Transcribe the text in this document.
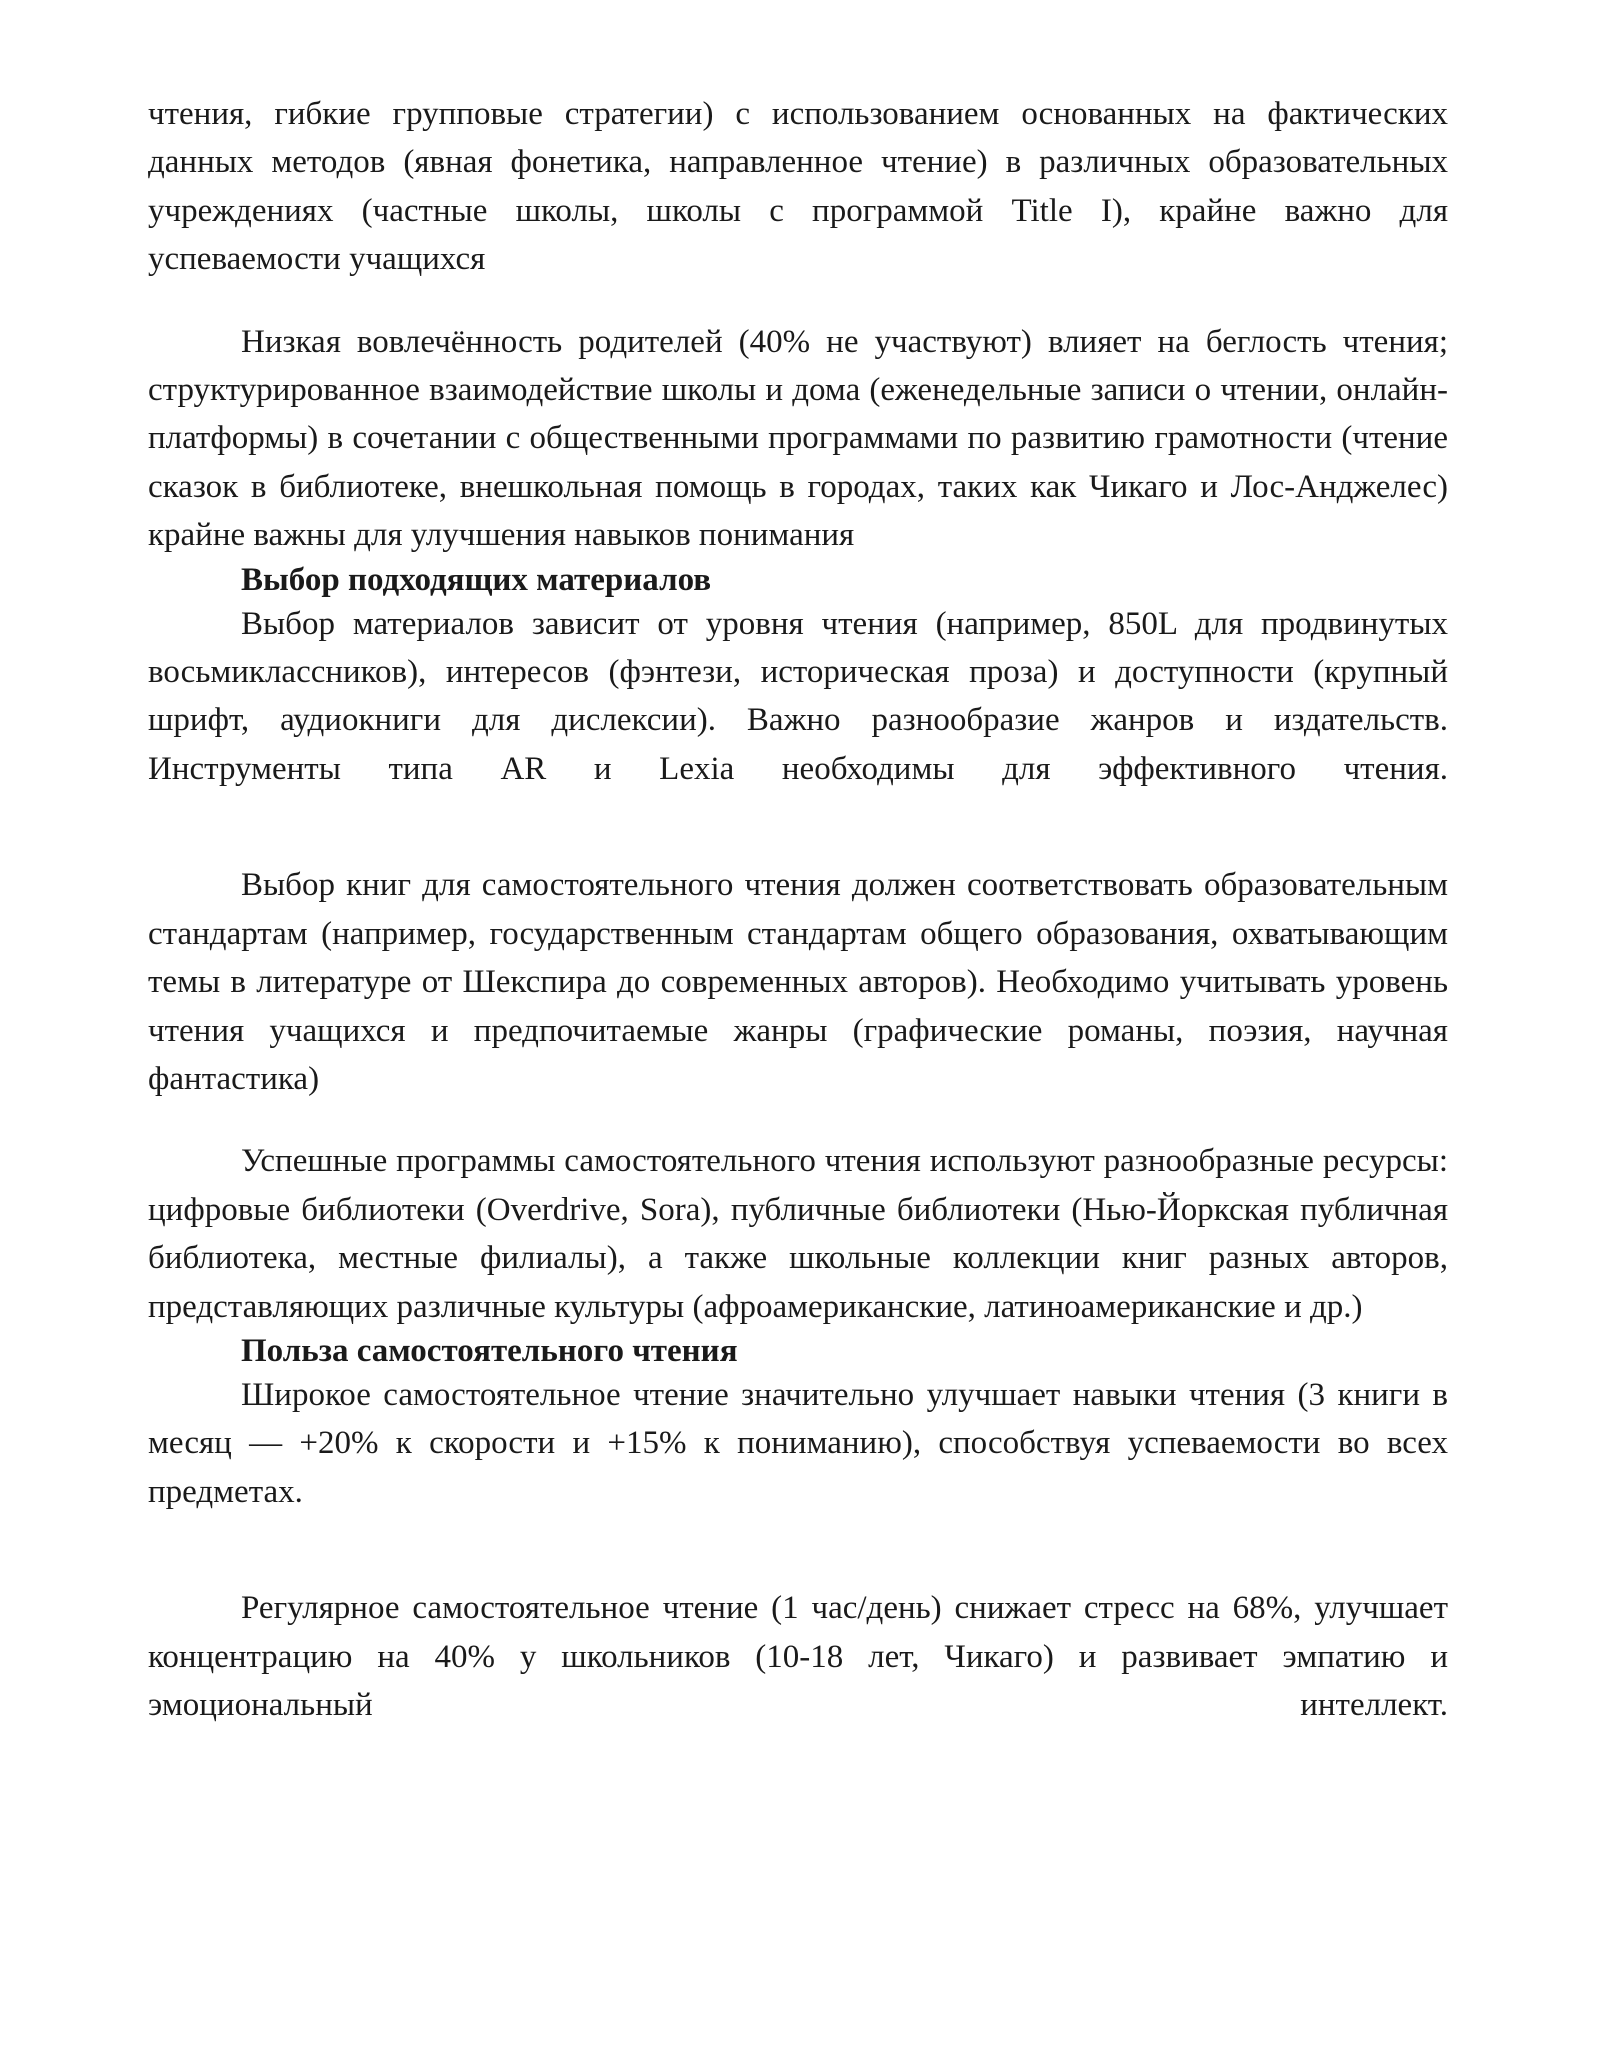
чтения, гибкие групповые стратегии) с использованием основанных на фактических данных методов (явная фонетика, направленное чтение) в различных образовательных учреждениях (частные школы, школы с программой Title I), крайне важно для успеваемости учащихся

Низкая вовлечённость родителей (40% не участвуют) влияет на беглость чтения; структурированное взаимодействие школы и дома (еженедельные записи о чтении, онлайн-платформы) в сочетании с общественными программами по развитию грамотности (чтение сказок в библиотеке, внешкольная помощь в городах, таких как Чикаго и Лос-Анджелес) крайне важны для улучшения навыков понимания

Выбор подходящих материалов

Выбор материалов зависит от уровня чтения (например, 850L для продвинутых восьмиклассников), интересов (фэнтези, историческая проза) и доступности (крупный шрифт, аудиокниги для дислексии). Важно разнообразие жанров и издательств. Инструменты типа AR и Lexia необходимы для эффективного чтения.

Выбор книг для самостоятельного чтения должен соответствовать образовательным стандартам (например, государственным стандартам общего образования, охватывающим темы в литературе от Шекспира до современных авторов). Необходимо учитывать уровень чтения учащихся и предпочитаемые жанры (графические романы, поэзия, научная фантастика)

Успешные программы самостоятельного чтения используют разнообразные ресурсы: цифровые библиотеки (Overdrive, Sora), публичные библиотеки (Нью-Йоркская публичная библиотека, местные филиалы), а также школьные коллекции книг разных авторов, представляющих различные культуры (афроамериканские, латиноамериканские и др.)

Польза самостоятельного чтения

Широкое самостоятельное чтение значительно улучшает навыки чтения (3 книги в месяц — +20% к скорости и +15% к пониманию), способствуя успеваемости во всех предметах.

Регулярное самостоятельное чтение (1 час/день) снижает стресс на 68%, улучшает концентрацию на 40% у школьников (10-18 лет, Чикаго) и развивает эмпатию и эмоциональный интеллект.
